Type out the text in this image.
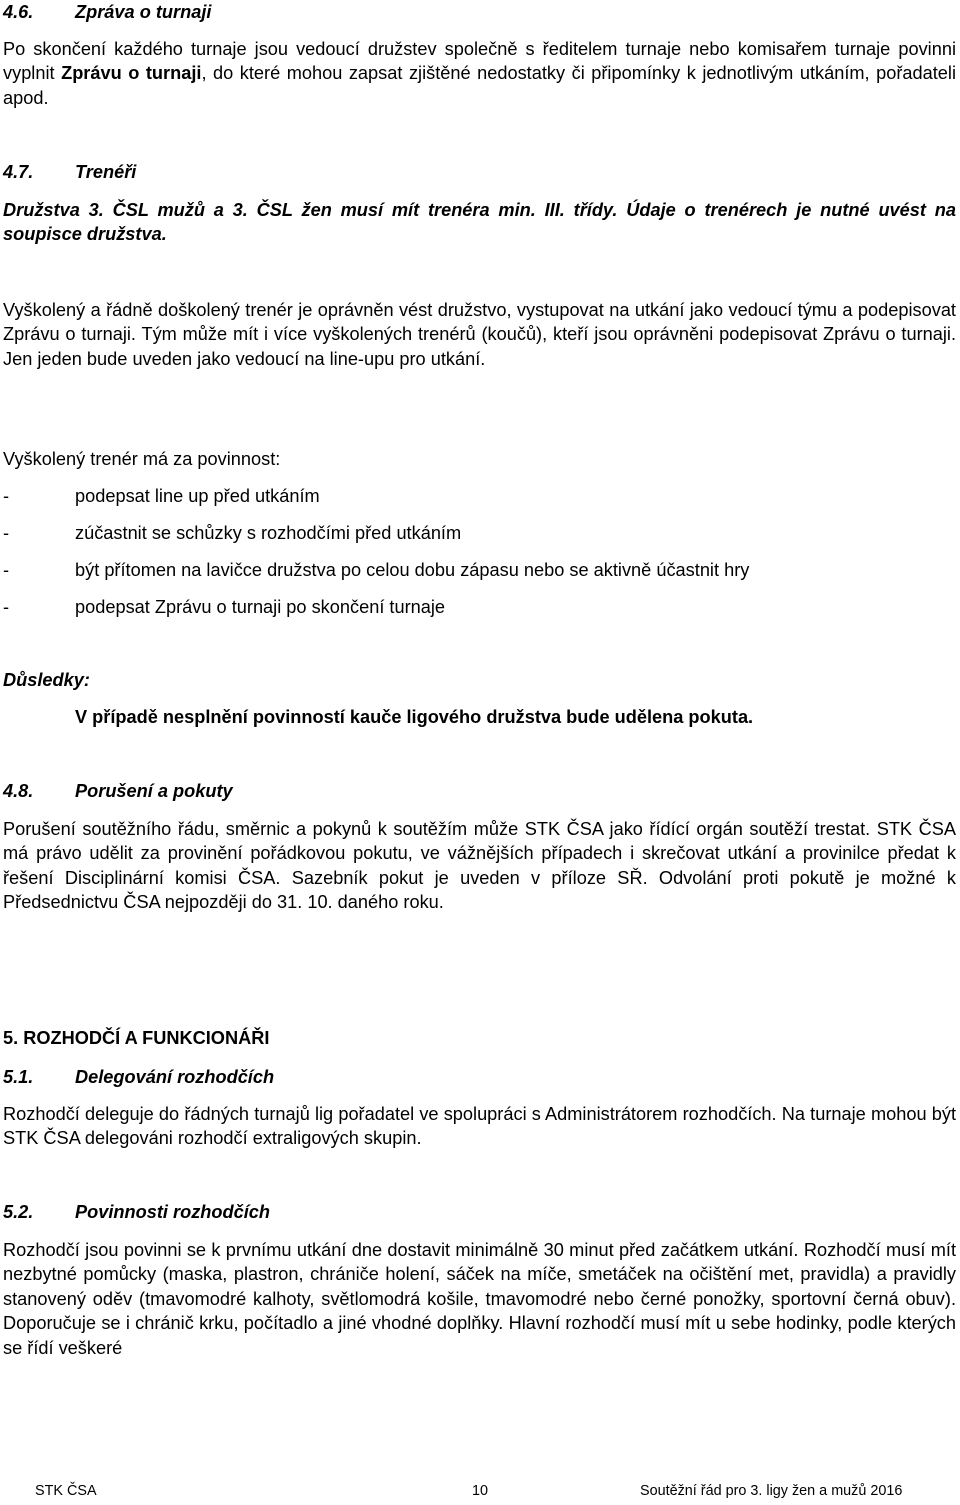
4.6.	Zpráva o turnaji

Po skončení každého turnaje jsou vedoucí družstev společně s ředitelem turnaje nebo komisařem turnaje povinni vyplnit Zprávu o turnaji, do které mohou zapsat zjištěné nedostatky či připomínky k jednotlivým utkáním, pořadateli apod.

4.7.	Trenéři

Družstva 3. ČSL mužů a 3. ČSL žen musí mít trenéra min. III. třídy. Údaje o trenérech je nutné uvést na soupisce družstva.

Vyškolený a řádně doškolený trenér je oprávněn vést družstvo, vystupovat na utkání jako vedoucí týmu a podepisovat Zprávu o turnaji. Tým může mít i více vyškolených trenérů (koučů), kteří jsou oprávněni podepisovat Zprávu o turnaji. Jen jeden bude uveden jako vedoucí na line-upu pro utkání.

Vyškolený trenér má za povinnost:

-	podepsat line up před utkáním
-	zúčastnit se schůzky s rozhodčími před utkáním
-	být přítomen na lavičce družstva po celou dobu zápasu nebo se aktivně účastnit hry
-	podepsat Zprávu o turnaji po skončení turnaje

Důsledky:

V případě nesplnění povinností kauče ligového družstva bude udělena pokuta.

4.8.	Porušení a pokuty

Porušení soutěžního řádu, směrnic a pokynů k soutěžím může STK ČSA jako řídící orgán soutěží trestat. STK ČSA má právo udělit za provinění pořádkovou pokutu, ve vážnějších případech i skrečovat utkání a provinilce předat k řešení Disciplinární komisi ČSA. Sazebník pokut je uveden v příloze SŘ. Odvolání proti pokutě je možné k Předsednictvu ČSA nejpozději do 31. 10. daného roku.

5. ROZHODČÍ A FUNKCIONÁŘI

5.1.	Delegování rozhodčích

Rozhodčí deleguje do řádných turnajů lig pořadatel ve spolupráci s Administrátorem rozhodčích. Na turnaje mohou být STK ČSA delegováni rozhodčí extraligových skupin.

5.2.	Povinnosti rozhodčích

Rozhodčí jsou povinni se k prvnímu utkání dne dostavit minimálně 30 minut před začátkem utkání. Rozhodčí musí mít nezbytné pomůcky (maska, plastron, chrániče holení, sáček na míče, smetáček na očištění met, pravidla) a pravidly stanovený oděv (tmavomodré kalhoty, světlomodrá košile, tmavomodré nebo černé ponožky, sportovní černá obuv). Doporučuje se i chránič krku, počítadlo a jiné vhodné doplňky. Hlavní rozhodčí musí mít u sebe hodinky, podle kterých se řídí veškeré

STK ČSA	10	Soutěžní řád pro 3. ligy žen a mužů 2016
